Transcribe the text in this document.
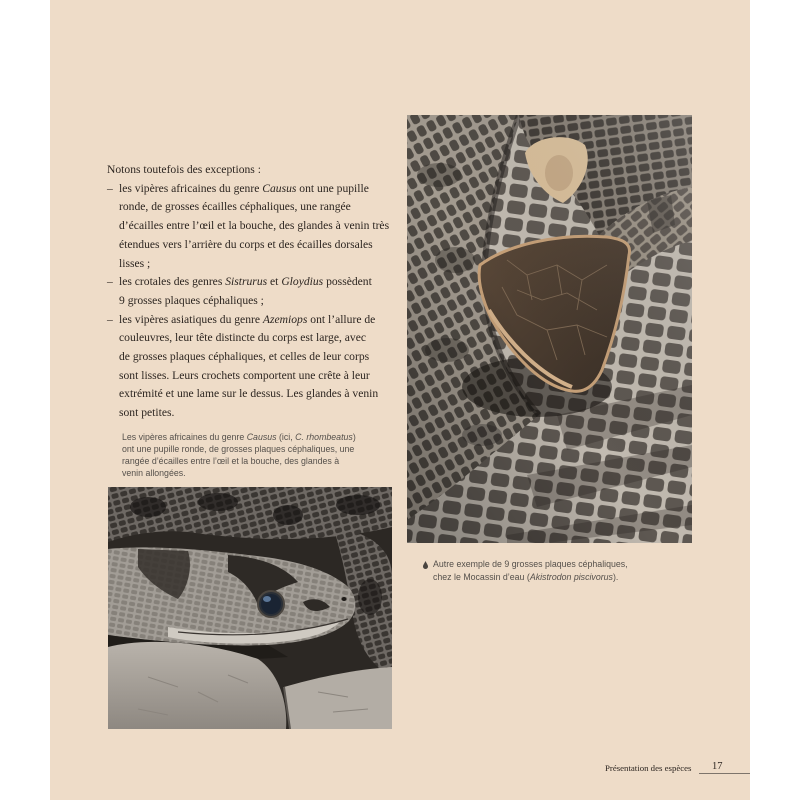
Notons toutefois des exceptions :
– les vipères africaines du genre Causus ont une pupille
ronde, de grosses écailles céphaliques, une rangée
d’écailles entre l’œil et la bouche, des glandes à venin très
étendues vers l’arrière du corps et des écailles dorsales
lisses ;
– les crotales des genres Sistrurus et Gloydius possèdent
9 grosses plaques céphaliques ;
– les vipères asiatiques du genre Azemiops ont l’allure de
couleuvres, leur tête distincte du corps est large, avec
de grosses plaques céphaliques, et celles de leur corps
sont lisses. Leurs crochets comportent une crête à leur
extrémité et une lame sur le dessus. Les glandes à venin
sont petites.
Les vipères africaines du genre Causus (ici, C. rhombeatus)
ont une pupille ronde, de grosses plaques céphaliques, une
rangée d’écailles entre l’œil et la bouche, des glandes à
venin allongées.
Autre exemple de 9 grosses plaques céphaliques,
chez le Mocassin d’eau (Akistrodon piscivorus).
Présentation des espèces 17
